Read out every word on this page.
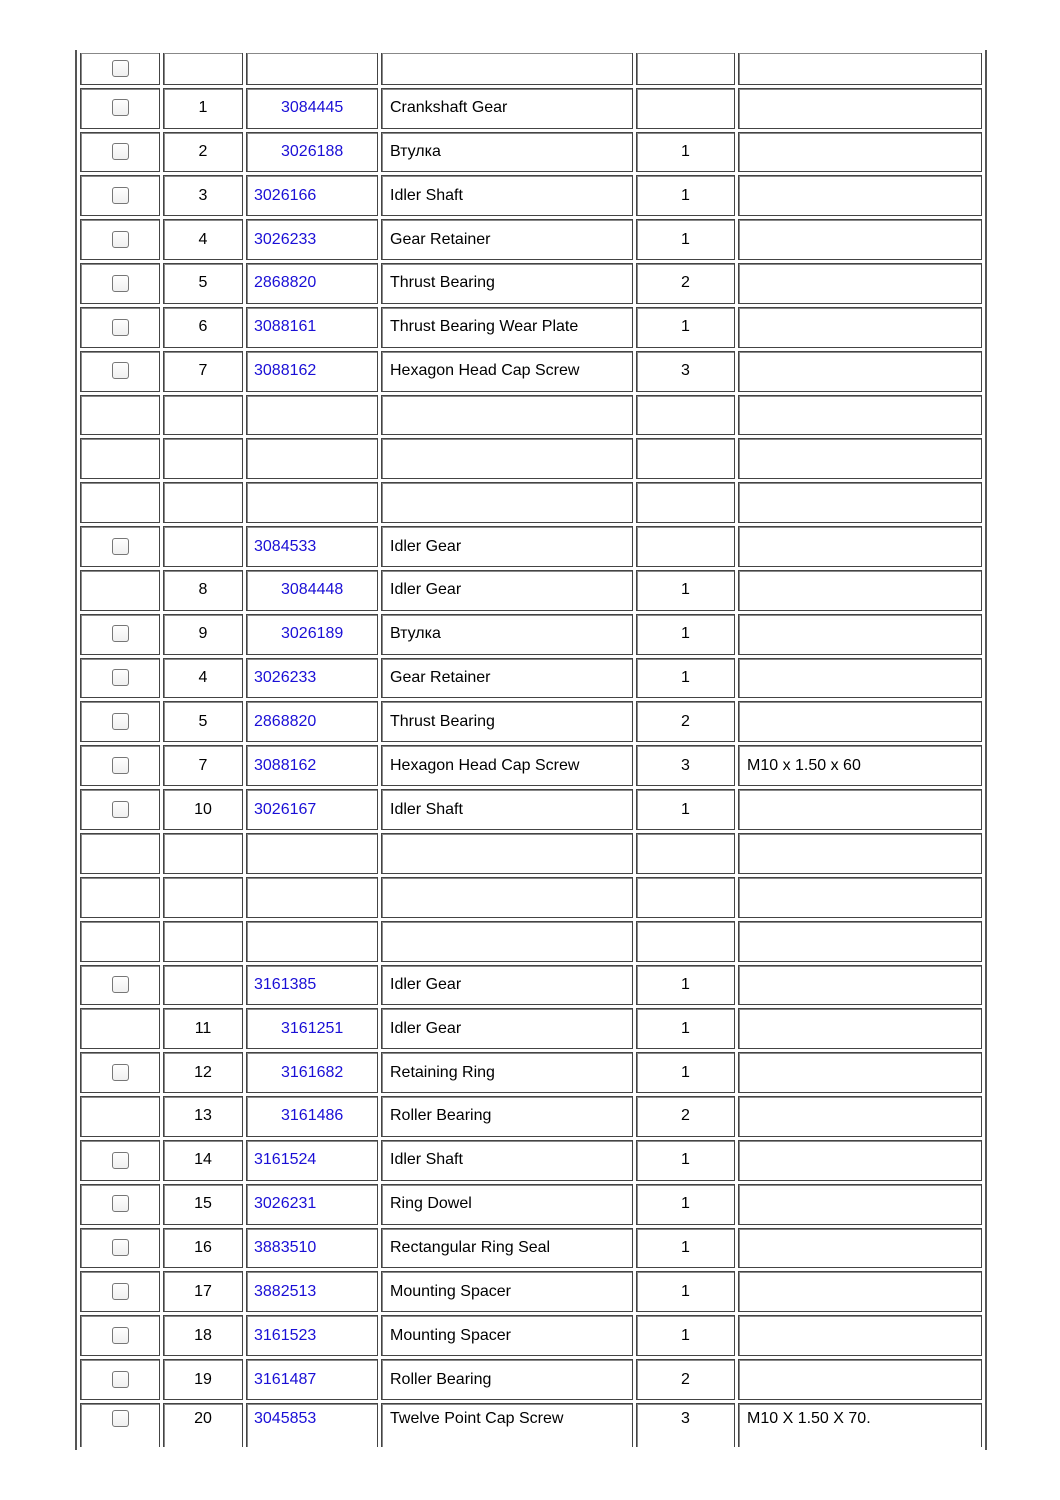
	1	3084445	Crankshaft Gear		
	2	3026188	Втулка	1	
	3	3026166	Idler Shaft	1	
	4	3026233	Gear Retainer	1	
	5	2868820	Thrust Bearing	2	
	6	3088161	Thrust Bearing Wear Plate	1	
	7	3088162	Hexagon Head Cap Screw	3	

		3084533	Idler Gear		
	8	3084448	Idler Gear	1	
	9	3026189	Втулка	1	
	4	3026233	Gear Retainer	1	
	5	2868820	Thrust Bearing	2	
	7	3088162	Hexagon Head Cap Screw	3	M10 x 1.50 x 60
	10	3026167	Idler Shaft	1	

		3161385	Idler Gear	1	
	11	3161251	Idler Gear	1	
	12	3161682	Retaining Ring	1	
	13	3161486	Roller Bearing	2	
	14	3161524	Idler Shaft	1	
	15	3026231	Ring Dowel	1	
	16	3883510	Rectangular Ring Seal	1	
	17	3882513	Mounting Spacer	1	
	18	3161523	Mounting Spacer	1	
	19	3161487	Roller Bearing	2	
	20	3045853	Twelve Point Cap Screw	3	M10 X 1.50 X 70.
